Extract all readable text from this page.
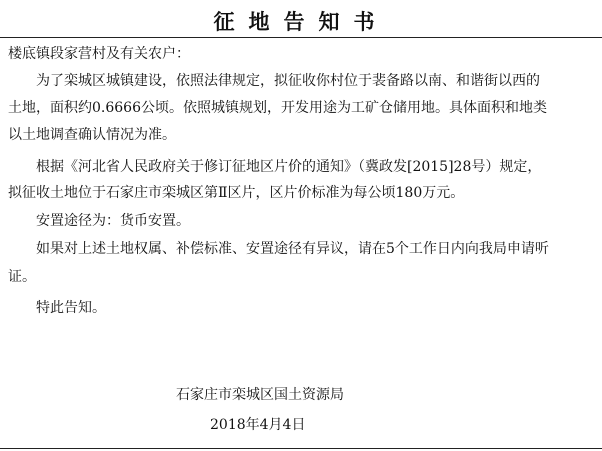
征地告知书
楼底镇段家营村及有关农户：
为了栾城区城镇建设，依照法律规定，拟征收你村位于裴备路以南、和谐街以西的
土地，面积约0.6666公顷。依照城镇规划，开发用途为工矿仓储用地。具体面积和地类
以土地调查确认情况为准。
根据《河北省人民政府关于修订征地区片价的通知》（冀政发[2015]28号）规定，
拟征收土地位于石家庄市栾城区第Ⅱ区片，区片价标准为每公顷180万元。
安置途径为：货币安置。
如果对上述土地权属、补偿标准、安置途径有异议，请在5个工作日内向我局申请听
证。
特此告知。
石家庄市栾城区国土资源局
2018年4月4日
